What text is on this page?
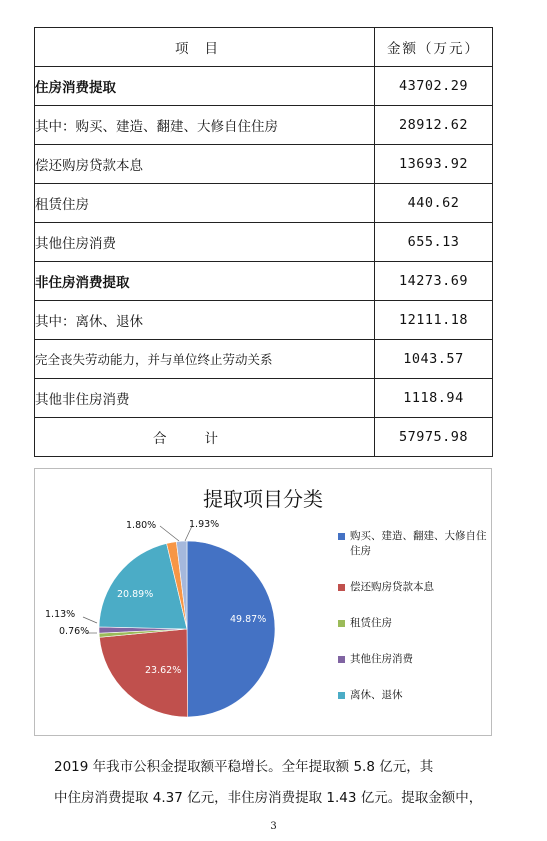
项目	金额（万元）
住房消费提取	43702.29
其中：购买、建造、翻建、大修自住住房	28912.62
偿还购房贷款本息	13693.92
租赁住房	440.62
其他住房消费	655.13
非住房消费提取	14273.69
其中：离休、退休	12111.18
完全丧失劳动能力，并与单位终止劳动关系	1043.57
其他非住房消费	1118.94
合计	57975.98
提取项目分类
购买、建造、翻建、大修自住住房
偿还购房贷款本息
租赁住房
其他住房消费
离休、退休
49.87%
23.62%
0.76%
1.13%
20.89%
1.80%	1.93%
2019 年我市公积金提取额平稳增长。全年提取额 5.8 亿元，其
中住房消费提取 4.37 亿元，非住房消费提取 1.43 亿元。提取金额中，
3
